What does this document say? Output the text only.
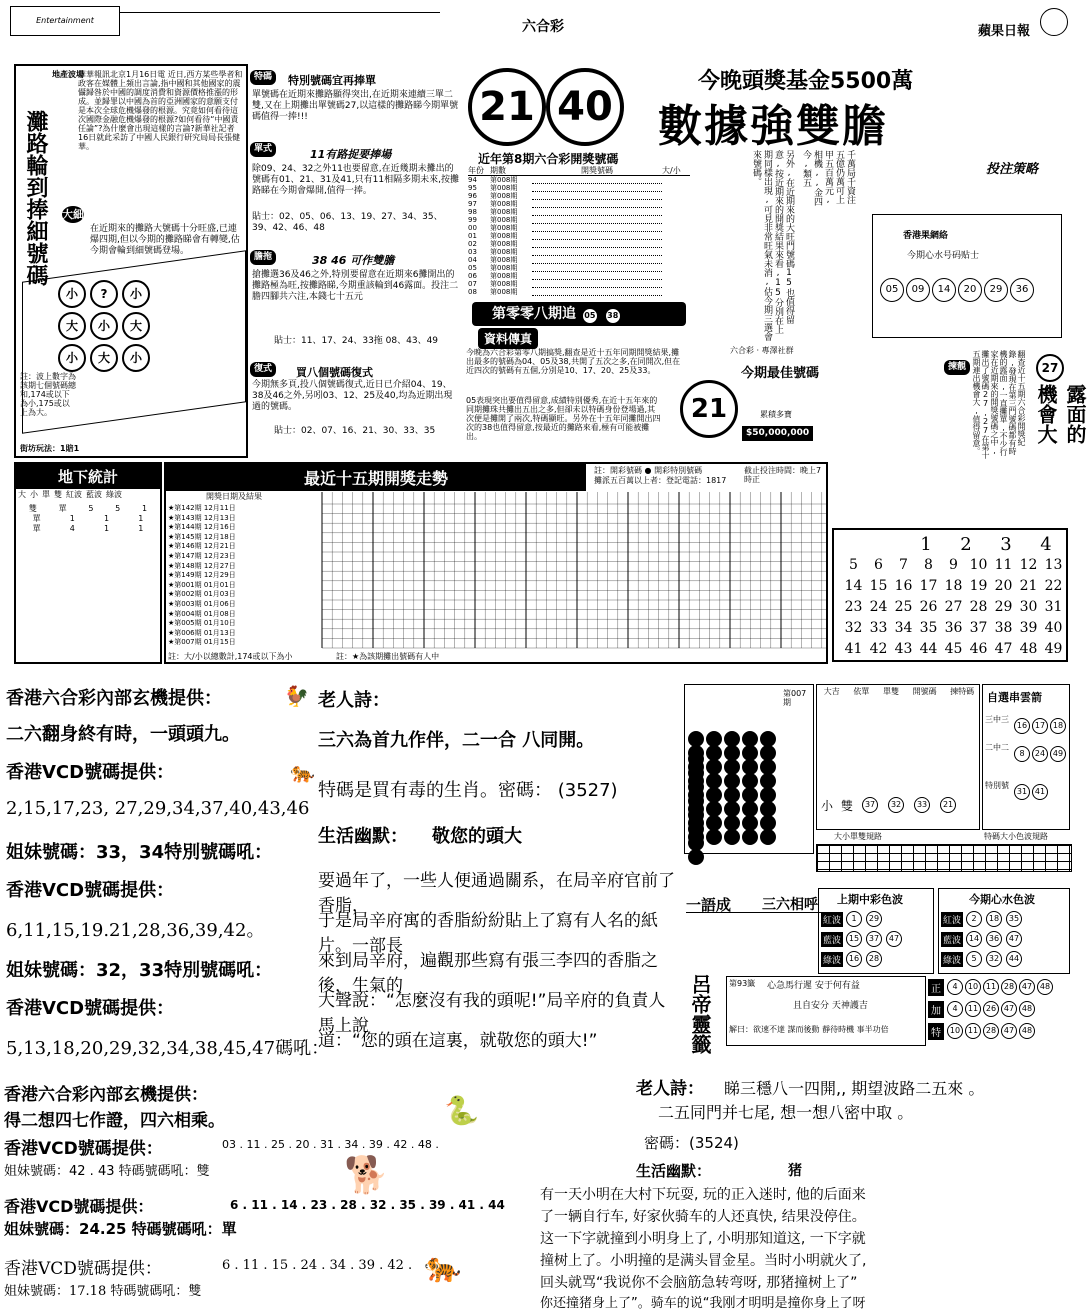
Entertainment	六合彩	蘋果日報
灘路輪到捧細號碼
地產波場
華華報訊北京1月16日電 近日,西方某些學者和政客在媒體上頻出言論,指中國和其他國家的震懾歸咎於中國的調度消費和資源價格推漲的形成。並歸罪以中國為首的亞洲國家的意願支付是本次全球危機爆發的根源。究竟如何看待這次國際金融危機爆發的根源?如何看待“中國責任論”?為什麼會出現這樣的言論?新華社記者16日就此采訪了中國人民銀行研究局局長張健華。
大細
在近期來的攤路大號碼十分旺盛,已連爆四期,但以今期的攤路睇會有轉變,估今期會輪到細號碼登場。
小 ? 小
大 小 大
小 大 小
註：波上數字為該期七個號碼總和,174或以下為小,175或以上為大。
街坊玩法：1賠1
特碼	特別號碼宜再捧單
單號碼在近期來攤路顯得突出,在近期來連續三單二雙,又在上期攤出單號碼27,以這樣的攤路睇今期單號碼值得一捧!!!
單式	11有路捉要捧場
除09、24、32之外11也要留意,在近幾期未攤出的號碼有01、21、31及41,只有11相隔多期未來,按攤路睇在今期會爆開,值得一捧。
貼士：02、05、06、13、19、27、34、35、39、42、46、48
膽拖	38 46 可作雙膽
搶攤選36及46之外,特別要留意在近期來6攤開出的攤路極為旺,按攤路睇,今期重該輪到46露面。投注二膽四腳共六注,本錢七十五元
貼士：11、17、24、33拖 08、43、49
復式	買八個號碼復式
今期無多頁,投八個號碼復式,近日已介紹04、19、38及46之外,另吲03、12、25及40,均為近期出現過的號碼。
貼士：02、07、16、21、30、33、35
21 40
今晚頭獎基金5500萬
數據強雙膽
近年第8期六合彩開獎號碼
年份 期數	開獎號碼	大/小
94	第008期
95	第008期
96	第008期
97	第008期
98	第008期
99	第008期
00	第008期
01	第008期
02	第008期
03	第008期
04	第008期
05	第008期
06	第008期
07	第008期
08	第008期
第零零八期追 05 38	另外,在近期來的大旺門號碼15也值得留意,按近期來的開獎結果來看,15分別在上期同樣出現,可見非常旺氣未消,估今期三選會來號碼。	千萬局千資注五億仍萬可上甲五百萬元,相機,,金四今,類五	投注策略
六合彩 · 專澤社群
香港果網絡
今期心水号码贴士
05 09 14 20 29 36
資料傳真
今晚為六合彩第零八期搞獎,翻查是近十五年同期開獎結果,攤出最多的號碼為04、05及38,共開了五次之多,在同開次,但在近四次的號碼有五個,分別是10、17、20、25及33。
05表現突出要值得留意,成績特別優秀,在近十五年來的同期攤珠共攤出五出之多,但卻未以特碼身份登場過,其次便是攤開了兩次,特碼顯旺。另外在十五年同攤開出四次的38也值得留意,按最近的攤路來看,極有可能被攤出。
21
今期最佳號碼
累積多寶
$50,000,000
揀靚	27
露面的機會大
翻查近十五期六合彩開獎紀錄,發現在第三門號碼都有時機的露面,一直攤單,不少行家在近期來的開獎號碼之中,攤出了號碼27,27在第十五期連出機會大,值得留意。
地下統計
大 小 單 雙 紅波 藍波 綠波
雙	單	5	5	1
單	1	1	1
單	4	1	1
最近十五期開獎走勢	註：開彩號碼 ● 開彩特別號碼
攤派五百萬以上者：登記電話：1817
截止投注時間：晚上7時正
開獎日期及結果
★第142期 12月11日
★第143期 12月13日
★第144期 12月16日
★第145期 12月18日
★第146期 12月21日
★第147期 12月23日
★第148期 12月27日
★第149期 12月29日
★第001期 01月01日
★第002期 01月03日
★第003期 01月06日
★第004期 01月08日
★第005期 01月10日
★第006期 01月13日
★第007期 01月15日
註：大/小以總數計,174或以下為小	註：★為該期攤出號碼有人中
1	2	3	4
5	6	7	8	9 10 11 12 13
14 15 16 17 18 19 20 21 22
23 24 25 26 27 28 29 30 31
32 33 34 35 36 37 38 39 40
41 42 43 44 45 46 47 48 49
香港六合彩內部玄機提供：
二六翻身終有時，一頭頭九。
香港VCD號碼提供：
2,15,17,23, 27,29,34,37,40,43,46
姐妹號碼：33，34特別號碼吼：
香港VCD號碼提供：
6,11,15,19.21,28,36,39,42。
姐妹號碼：32，33特別號碼吼：
香港VCD號碼提供：
5,13,18,20,29,32,34,38,45,47碼吼：
🐓 老人詩：
三六為首九作伴，二一合 八同開。
🐅
特碼是買有毒的生肖。密碼： (3527)
生活幽默： 敬您的頭大
要過年了，一些人便通過關系，在局辛府官前了香脂，
于是局辛府寓的香脂紛紛貼上了寫有人名的紙片。一部長
來到局辛府，遍觀那些寫有張三李四的香脂之後，生氣的
大聲說：“怎麼沒有我的頭呢!”局辛府的負責人馬上說
道：“您的頭在這裏，就敬您的頭大!”
香港六合彩內部玄機提供：
得二想四七作證，四六相乘。
香港VCD號碼提供：	03 . 11 . 25 . 20 . 31 . 34 . 39 . 42 . 48 .
姐妹號碼：42 . 43 特碼號碼吼：雙
香港VCD號碼提供：	6 . 11 . 14 . 23 . 28 . 32 . 35 . 39 . 41 . 44
姐妹號碼：24.25 特碼號碼吼：單
香港VCD號碼提供：	6 . 11 . 15 . 24 . 34 . 39 . 42 .
姐妹號碼：17.18 特碼號碼吼：雙
🐍
🐕
🐅
老人詩： 睇三穩八一四開,, 期望波路二五來 。
二五同門并七尾, 想一想八密中取 。
密碼：(3524)
生活幽默：	猪
有一天小明在大村下玩耍, 玩的正入迷时, 他的后面来
了一辆自行车, 好家伙骑车的人还真快, 结果没停住。
这一下字就撞到小明身上了, 小明那知道这, 一下字就
撞树上了。小明撞的是满头冒金星。当时小明就火了,
回头就骂“我说你不会脑筋急转弯呀, 那猪撞树上了”
你还撞猪身上了”。骑车的说“我刚才明明是撞你身上了呀
第007期
大吉 依單 單雙 開號碼 揀特碼
小 雙	37	32	33	21
自選串雲箭
三中三
16 17 18
二中二
8 24 49
特別號
31 41
大小單雙規路	特碼大小色波規路
一語成 三六相呼 上期中彩色波
紅波	1	29
藍波 15	37	47
綠波 16	28
今期心水色波
紅波	2	18	35
藍波 14	36	47
綠波	5	32	44
呂帝靈籤	第93籤 心急馬行遲 安于何有益
且自安分 天神護吉
解曰：欲速不達 謀而後動 靜待時機 事半功倍
正	4	10 11 28 47 48
加	4	11 26 47 48
特	10 11 28 47 48
